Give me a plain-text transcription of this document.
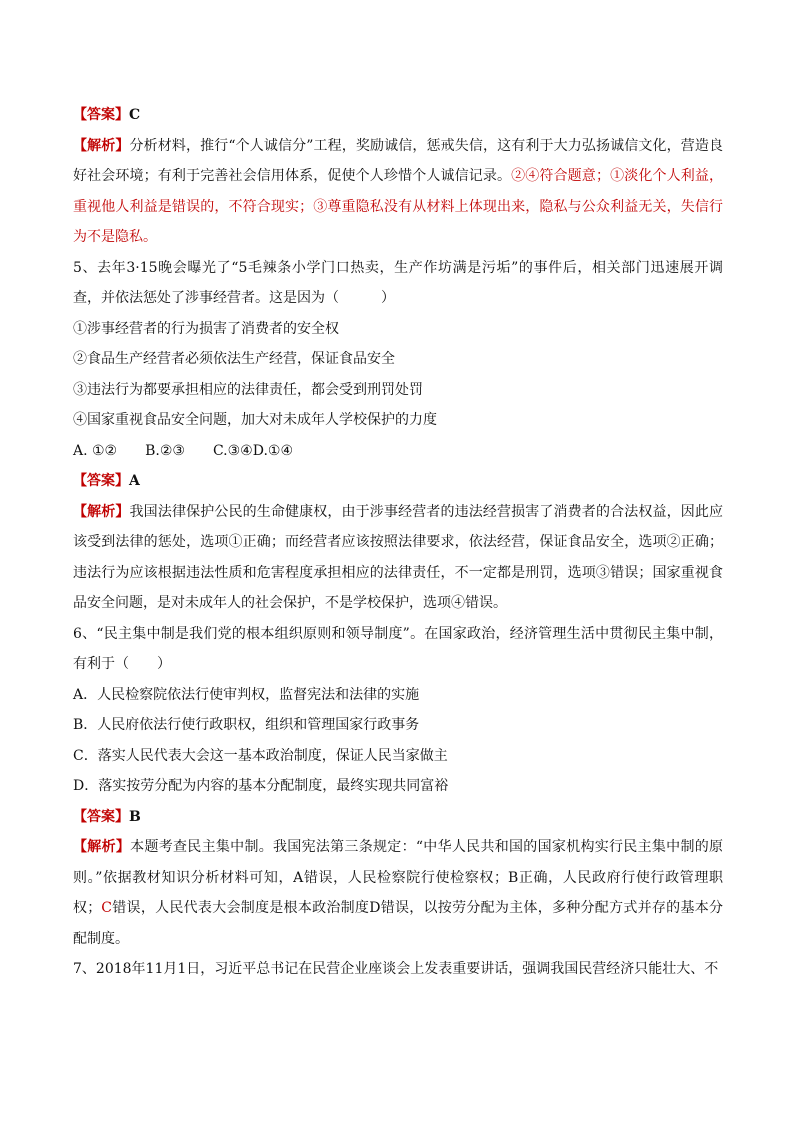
【答案】C

【解析】分析材料，推行“个人诚信分”工程，奖励诚信，惩戒失信，这有利于大力弘扬诚信文化，营造良好社会环境；有利于完善社会信用体系，促使个人珍惜个人诚信记录。②④符合题意；①淡化个人利益，重视他人利益是错误的，不符合现实；③尊重隐私没有从材料上体现出来，隐私与公众利益无关，失信行为不是隐私。

5、去年3·15晚会曝光了“5毛辣条小学门口热卖，生产作坊满是污垢”的事件后，相关部门迅速展开调查，并依法惩处了涉事经营者。这是因为（　　　）

①涉事经营者的行为损害了消费者的安全权

②食品生产经营者必须依法生产经营，保证食品安全

③违法行为都要承担相应的法律责任，都会受到刑罚处罚

④国家重视食品安全问题，加大对未成年人学校保护的力度

A. ①② B.②③ C.③④D.①④

【答案】A

【解析】我国法律保护公民的生命健康权，由于涉事经营者的违法经营损害了消费者的合法权益，因此应该受到法律的惩处，选项①正确；而经营者应该按照法律要求，依法经营，保证食品安全，选项②正确；违法行为应该根据违法性质和危害程度承担相应的法律责任，不一定都是刑罚，选项③错误；国家重视食品安全问题，是对未成年人的社会保护，不是学校保护，选项④错误。

6、“民主集中制是我们党的根本组织原则和领导制度”。在国家政治，经济管理生活中贯彻民主集中制，有利于（　　）

A．人民检察院依法行使审判权，监督宪法和法律的实施

B．人民府依法行使行政职权，组织和管理国家行政事务

C．落实人民代表大会这一基本政治制度，保证人民当家做主

D．落实按劳分配为内容的基本分配制度，最终实现共同富裕

【答案】B

【解析】本题考查民主集中制。我国宪法第三条规定：“中华人民共和国的国家机构实行民主集中制的原则。”依据教材知识分析材料可知，A错误，人民检察院行使检察权；B正确，人民政府行使行政管理职权；C错误，人民代表大会制度是根本政治制度D错误，以按劳分配为主体，多种分配方式并存的基本分配制度。

7、2018年11月1日，习近平总书记在民营企业座谈会上发表重要讲话，强调我国民营经济只能壮大、不
